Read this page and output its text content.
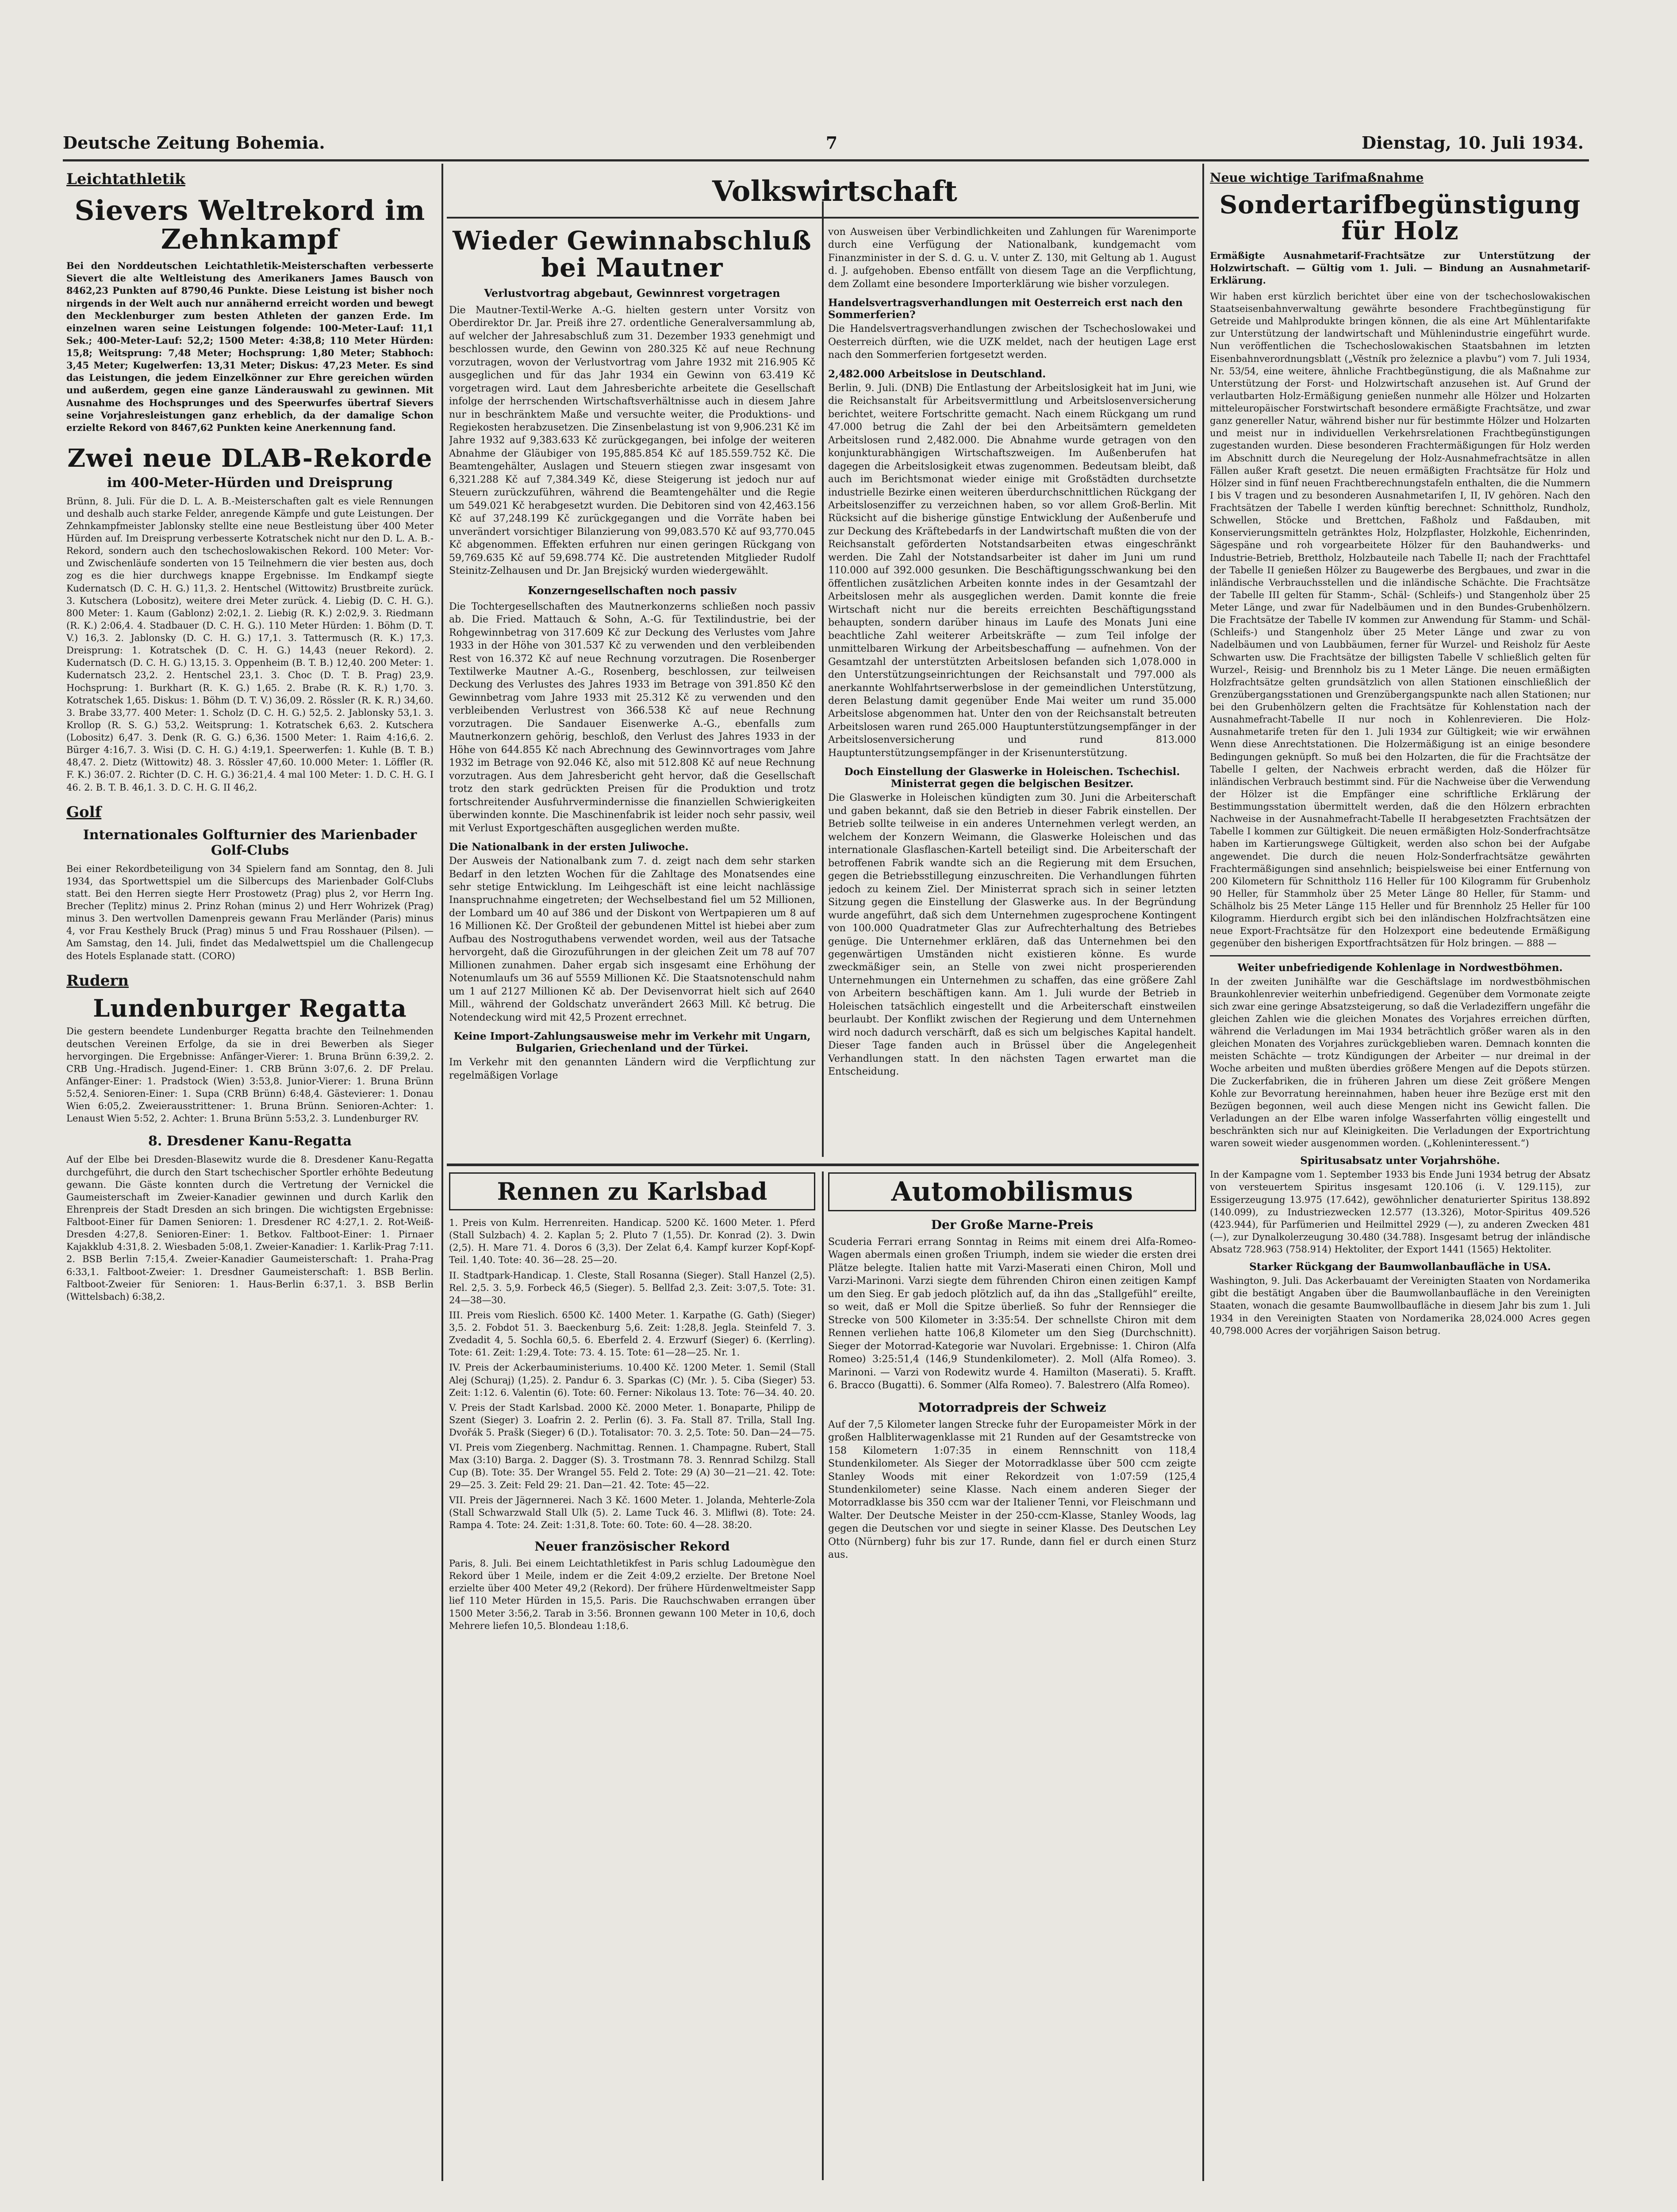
Deutsche Zeitung Bohemia.	7	Dienstag, 10. Juli 1934.
Leichtathletik
Sievers Weltrekord im Zehnkampf
Bei den Norddeutschen Leichtathletik-Meisterschaften verbesserte Sievert die alte Weltleistung des Amerikaners James Bausch von 8462,23 Punkten auf 8790,46 Punkte. Diese Leistung ist bisher noch nirgends in der Welt auch nur annähernd erreicht worden und bewegt den Mecklenburger zum besten Athleten der ganzen Erde. Im einzelnen waren seine Leistungen folgende: 100-Meter-Lauf: 11,1 Sek.; 400-Meter-Lauf: 52,2; 1500 Meter: 4:38,8; 110 Meter Hürden: 15,8; Weitsprung: 7,48 Meter; Hochsprung: 1,80 Meter; Stabhoch: 3,45 Meter; Kugelwerfen: 13,31 Meter; Diskus: 47,23 Meter. Es sind das Leistungen, die jedem Einzelkönner zur Ehre gereichen würden und außerdem, gegen eine ganze Länderauswahl zu gewinnen. Mit Ausnahme des Hochsprunges und des Speerwurfes übertraf Sievers seine Vorjahresleistungen ganz erheblich, da der damalige Schon erzielte Rekord von 8467,62 Punkten keine Anerkennung fand.
Zwei neue DLAB-Rekorde
im 400-Meter-Hürden und Dreisprung
Brünn, 8. Juli. Für die D. L. A. B.-Meisterschaften galt es viele Rennungen und deshalb auch starke Felder, anregende Kämpfe und gute Leistungen. Der Zehnkampfmeister Jablonsky stellte eine neue Bestleistung über 400 Meter Hürden auf. Im Dreisprung verbesserte Kotratschek nicht nur den D. L. A. B.-Rekord, sondern auch den tschechoslowakischen Rekord. 100 Meter: Vor- und Zwischenläufe sonderten von 15 Teilnehmern die vier besten aus, doch zog es die hier durchwegs knappe Ergebnisse. Im Endkampf siegte Kudernatsch (D. C. H. G.) 11,3. 2. Hentschel (Wittowitz) Brustbreite zurück. 3. Kutschera (Lobositz), weitere drei Meter zurück. 4. Liebig (D. C. H. G.). 800 Meter: 1. Kaum (Gablonz) 2:02,1. 2. Liebig (R. K.) 2:02,9. 3. Riedmann (R. K.) 2:06,4. 4. Stadbauer (D. C. H. G.). 110 Meter Hürden: 1. Böhm (D. T. V.) 16,3. 2. Jablonsky (D. C. H. G.) 17,1. 3. Tattermusch (R. K.) 17,3. Dreisprung: 1. Kotratschek (D. C. H. G.) 14,43 (neuer Rekord). 2. Kudernatsch (D. C. H. G.) 13,15. 3. Oppenheim (B. T. B.) 12,40. 200 Meter: 1. Kudernatsch 23,2. 2. Hentschel 23,1. 3. Choc (D. T. B. Prag) 23,9. Hochsprung: 1. Burkhart (R. K. G.) 1,65. 2. Brabe (R. K. R.) 1,70. 3. Kotratschek 1,65. Diskus: 1. Böhm (D. T. V.) 36,09. 2. Rössler (R. K. R.) 34,60. 3. Brabe 33,77. 400 Meter: 1. Scholz (D. C. H. G.) 52,5. 2. Jablonsky 53,1. 3. Krollop (R. S. G.) 53,2. Weitsprung: 1. Kotratschek 6,63. 2. Kutschera (Lobositz) 6,47. 3. Denk (R. G. G.) 6,36. 1500 Meter: 1. Raim 4:16,6. 2. Bürger 4:16,7. 3. Wisi (D. C. H. G.) 4:19,1. Speerwerfen: 1. Kuhle (B. T. B.) 48,47. 2. Dietz (Wittowitz) 48. 3. Rössler 47,60. 10.000 Meter: 1. Löffler (R. F. K.) 36:07. 2. Richter (D. C. H. G.) 36:21,4. 4 mal 100 Meter: 1. D. C. H. G. I 46. 2. B. T. B. 46,1. 3. D. C. H. G. II 46,2.
Golf
Internationales Golfturnier des Marienbader Golf-Clubs
Bei einer Rekordbeteiligung von 34 Spielern fand am Sonntag, den 8. Juli 1934, das Sportwettspiel um die Silbercups des Marienbader Golf-Clubs statt. Bei den Herren siegte Herr Prostowetz (Prag) plus 2, vor Herrn Ing. Brecher (Teplitz) minus 2. Prinz Rohan (minus 2) und Herr Wohrizek (Prag) minus 3. Den wertvollen Damenpreis gewann Frau Merländer (Paris) minus 4, vor Frau Kesthely Bruck (Prag) minus 5 und Frau Rosshauer (Pilsen). — Am Samstag, den 14. Juli, findet das Medalwettspiel um die Challengecup des Hotels Esplanade statt. (CORO)
Rudern
Lundenburger Regatta
Die gestern beendete Lundenburger Regatta brachte den Teilnehmenden deutschen Vereinen Erfolge, da sie in drei Bewerben als Sieger hervorgingen. Die Ergebnisse: Anfänger-Vierer: 1. Bruna Brünn 6:39,2. 2. CRB Ung.-Hradisch. Jugend-Einer: 1. CRB Brünn 3:07,6. 2. DF Prelau. Anfänger-Einer: 1. Pradstock (Wien) 3:53,8. Junior-Vierer: 1. Bruna Brünn 5:52,4. Senioren-Einer: 1. Supa (CRB Brünn) 6:48,4. Gästevierer: 1. Donau Wien 6:05,2. Zweierausstrittener: 1. Bruna Brünn. Senioren-Achter: 1. Lenaust Wien 5:52, 2. Achter: 1. Bruna Brünn 5:53,2. 3. Lundenburger RV.
8. Dresdener Kanu-Regatta
Auf der Elbe bei Dresden-Blasewitz wurde die 8. Dresdener Kanu-Regatta durchgeführt, die durch den Start tschechischer Sportler erhöhte Bedeutung gewann. Die Gäste konnten durch die Vertretung der Vernickel die Gaumeisterschaft im Zweier-Kanadier gewinnen und durch Karlik den Ehrenpreis der Stadt Dresden an sich bringen. Die wichtigsten Ergebnisse: Faltboot-Einer für Damen Senioren: 1. Dresdener RC 4:27,1. 2. Rot-Weiß-Dresden 4:27,8. Senioren-Einer: 1. Betkov. Faltboot-Einer: 1. Pirnaer Kajakklub 4:31,8. 2. Wiesbaden 5:08,1. Zweier-Kanadier: 1. Karlik-Prag 7:11. 2. BSB Berlin 7:15,4. Zweier-Kanadier Gaumeisterschaft: 1. Praha-Prag 6:33,1. Faltboot-Zweier: 1. Dresdner Gaumeisterschaft: 1. BSB Berlin. Faltboot-Zweier für Senioren: 1. Haus-Berlin 6:37,1. 3. BSB Berlin (Wittelsbach) 6:38,2.
Volkswirtschaft
Wieder Gewinnabschluß bei Mautner
Verlustvortrag abgebaut, Gewinnrest vorgetragen
Die Mautner-Textil-Werke A.-G. hielten gestern unter Vorsitz von Oberdirektor Dr. Jar. Preiß ihre 27. ordentliche Generalversammlung ab, auf welcher der Jahresabschluß zum 31. Dezember 1933 genehmigt und beschlossen wurde, den Gewinn von 280.325 Kč auf neue Rechnung vorzutragen, wovon der Verlustvortrag vom Jahre 1932 mit 216.905 Kč ausgeglichen und für das Jahr 1934 ein Gewinn von 63.419 Kč vorgetragen wird. Laut dem Jahresberichte arbeitete die Gesellschaft infolge der herrschenden Wirtschaftsverhältnisse auch in diesem Jahre nur in beschränktem Maße und versuchte weiter, die Produktions- und Regiekosten herabzusetzen. Die Zinsenbelastung ist von 9,906.231 Kč im Jahre 1932 auf 9,383.633 Kč zurückgegangen, bei infolge der weiteren Abnahme der Gläubiger von 195,885.854 Kč auf 185.559.752 Kč. Die Beamtengehälter, Auslagen und Steuern stiegen zwar insgesamt von 6,321.288 Kč auf 7,384.349 Kč, diese Steigerung ist jedoch nur auf Steuern zurückzuführen, während die Beamtengehälter und die Regie um 549.021 Kč herabgesetzt wurden. Die Debitoren sind von 42,463.156 Kč auf 37,248.199 Kč zurückgegangen und die Vorräte haben bei unverändert vorsichtiger Bilanzierung von 99,083.570 Kč auf 93,770.045 Kč abgenommen. Effekten erfuhren nur einen geringen Rückgang von 59,769.635 Kč auf 59,698.774 Kč. Die austretenden Mitglieder Rudolf Steinitz-Zelhausen und Dr. Jan Brejsický wurden wiedergewählt.
Konzerngesellschaften noch passiv
Die Tochtergesellschaften des Mautnerkonzerns schließen noch passiv ab. Die Fried. Mattauch & Sohn, A.-G. für Textilindustrie, bei der Rohgewinnbetrag von 317.609 Kč zur Deckung des Verlustes vom Jahre 1933 in der Höhe von 301.537 Kč zu verwenden und den verbleibenden Rest von 16.372 Kč auf neue Rechnung vorzutragen. Die Rosenberger Textilwerke Mautner A.-G., Rosenberg, beschlossen, zur teilweisen Deckung des Verlustes des Jahres 1933 im Betrage von 391.850 Kč den Gewinnbetrag vom Jahre 1933 mit 25.312 Kč zu verwenden und den verbleibenden Verlustrest von 366.538 Kč auf neue Rechnung vorzutragen. Die Sandauer Eisenwerke A.-G., ebenfalls zum Mautnerkonzern gehörig, beschloß, den Verlust des Jahres 1933 in der Höhe von 644.855 Kč nach Abrechnung des Gewinnvortrages vom Jahre 1932 im Betrage von 92.046 Kč, also mit 512.808 Kč auf neue Rechnung vorzutragen. Aus dem Jahresbericht geht hervor, daß die Gesellschaft trotz den stark gedrückten Preisen für die Produktion und trotz fortschreitender Ausfuhrvermindernisse die finanziellen Schwierigkeiten überwinden konnte. Die Maschinenfabrik ist leider noch sehr passiv, weil mit Verlust Exportgeschäften ausgeglichen werden mußte.
Die Nationalbank in der ersten Juliwoche.
Der Ausweis der Nationalbank zum 7. d. zeigt nach dem sehr starken Bedarf in den letzten Wochen für die Zahltage des Monatsendes eine sehr stetige Entwicklung. Im Leihgeschäft ist eine leicht nachlässige Inanspruchnahme eingetreten; der Wechselbestand fiel um 52 Millionen, der Lombard um 40 auf 386 und der Diskont von Wertpapieren um 8 auf 16 Millionen Kč. Der Großteil der gebundenen Mittel ist hiebei aber zum Aufbau des Nostroguthabens verwendet worden, weil aus der Tatsache hervorgeht, daß die Girozuführungen in der gleichen Zeit um 78 auf 707 Millionen zunahmen. Daher ergab sich insgesamt eine Erhöhung der Notenumlaufs um 36 auf 5559 Millionen Kč. Die Staatsnotenschuld nahm um 1 auf 2127 Millionen Kč ab. Der Devisenvorrat hielt sich auf 2640 Mill., während der Goldschatz unverändert 2663 Mill. Kč betrug. Die Notendeckung wird mit 42,5 Prozent errechnet.
Keine Import-Zahlungsausweise mehr im Verkehr mit Ungarn, Bulgarien, Griechenland und der Türkei.
Im Verkehr mit den genannten Ländern wird die Verpflichtung zur regelmäßigen Vorlage
von Ausweisen über Verbindlichkeiten und Zahlungen für Warenimporte durch eine Verfügung der Nationalbank, kundgemacht vom Finanzminister in der S. d. G. u. V. unter Z. 130, mit Geltung ab 1. August d. J. aufgehoben. Ebenso entfällt von diesem Tage an die Verpflichtung, dem Zollamt eine besondere Importerklärung wie bisher vorzulegen.
Handelsvertragsverhandlungen mit Oesterreich erst nach den Sommerferien?
Die Handelsvertragsverhandlungen zwischen der Tschechoslowakei und Oesterreich dürften, wie die UZK meldet, nach der heutigen Lage erst nach den Sommerferien fortgesetzt werden.
2,482.000 Arbeitslose in Deutschland.
Berlin, 9. Juli. (DNB) Die Entlastung der Arbeitslosigkeit hat im Juni, wie die Reichsanstalt für Arbeitsvermittlung und Arbeitslosenversicherung berichtet, weitere Fortschritte gemacht. Nach einem Rückgang um rund 47.000 betrug die Zahl der bei den Arbeitsämtern gemeldeten Arbeitslosen rund 2,482.000. Die Abnahme wurde getragen von den konjunkturabhängigen Wirtschaftszweigen. Im Außenberufen hat dagegen die Arbeitslosigkeit etwas zugenommen. Bedeutsam bleibt, daß auch im Berichtsmonat wieder einige mit Großstädten durchsetzte industrielle Bezirke einen weiteren überdurchschnittlichen Rückgang der Arbeitslosenziffer zu verzeichnen haben, so vor allem Groß-Berlin. Mit Rücksicht auf die bisherige günstige Entwicklung der Außenberufe und zur Deckung des Kräftebedarfs in der Landwirtschaft mußten die von der Reichsanstalt geförderten Notstandsarbeiten etwas eingeschränkt werden. Die Zahl der Notstandsarbeiter ist daher im Juni um rund 110.000 auf 392.000 gesunken. Die Beschäftigungsschwankung bei den öffentlichen zusätzlichen Arbeiten konnte indes in der Gesamtzahl der Arbeitslosen mehr als ausgeglichen werden. Damit konnte die freie Wirtschaft nicht nur die bereits erreichten Beschäftigungsstand behaupten, sondern darüber hinaus im Laufe des Monats Juni eine beachtliche Zahl weiterer Arbeitskräfte — zum Teil infolge der unmittelbaren Wirkung der Arbeitsbeschaffung — aufnehmen. Von der Gesamtzahl der unterstützten Arbeitslosen befanden sich 1,078.000 in den Unterstützungseinrichtungen der Reichsanstalt und 797.000 als anerkannte Wohlfahrtserwerbslose in der gemeindlichen Unterstützung, deren Belastung damit gegenüber Ende Mai weiter um rund 35.000 Arbeitslose abgenommen hat. Unter den von der Reichsanstalt betreuten Arbeitslosen waren rund 265.000 Hauptunterstützungsempfänger in der Arbeitslosenversicherung und rund 813.000 Hauptunterstützungsempfänger in der Krisenunterstützung.
Doch Einstellung der Glaswerke in Holeischen. Tschechisl. Ministerrat gegen die belgischen Besitzer.
Die Glaswerke in Holeischen kündigten zum 30. Juni die Arbeiterschaft und gaben bekannt, daß sie den Betrieb in dieser Fabrik einstellen. Der Betrieb sollte teilweise in ein anderes Unternehmen verlegt werden, an welchem der Konzern Weimann, die Glaswerke Holeischen und das internationale Glasflaschen-Kartell beteiligt sind. Die Arbeiterschaft der betroffenen Fabrik wandte sich an die Regierung mit dem Ersuchen, gegen die Betriebsstillegung einzuschreiten. Die Verhandlungen führten jedoch zu keinem Ziel. Der Ministerrat sprach sich in seiner letzten Sitzung gegen die Einstellung der Glaswerke aus. In der Begründung wurde angeführt, daß sich dem Unternehmen zugesprochene Kontingent von 100.000 Quadratmeter Glas zur Aufrechterhaltung des Betriebes genüge. Die Unternehmer erklären, daß das Unternehmen bei den gegenwärtigen Umständen nicht existieren könne. Es wurde zweckmäßiger sein, an Stelle von zwei nicht prosperierenden Unternehmungen ein Unternehmen zu schaffen, das eine größere Zahl von Arbeitern beschäftigen kann. Am 1. Juli wurde der Betrieb in Holeischen tatsächlich eingestellt und die Arbeiterschaft einstweilen beurlaubt. Der Konflikt zwischen der Regierung und dem Unternehmen wird noch dadurch verschärft, daß es sich um belgisches Kapital handelt. Dieser Tage fanden auch in Brüssel über die Angelegenheit Verhandlungen statt. In den nächsten Tagen erwartet man die Entscheidung.
Rennen zu Karlsbad
1. Preis von Kulm. Herrenreiten. Handicap. 5200 Kč. 1600 Meter. 1. Pferd (Stall Sulzbach) 4. 2. Kaplan 5; 2. Pluto 7 (1,55). Dr. Konrad (2). 3. Dwin (2,5). H. Mare 71. 4. Doros 6 (3,3). Der Zelat 6,4. Kampf kurzer Kopf-Kopf-Teil. 1,40. Tote: 40. 36—28. 25—20.
II. Stadtpark-Handicap. 1. Cleste, Stall Rosanna (Sieger). Stall Hanzel (2,5). Rel. 2,5. 3. 5,9. Forbeck 46,5 (Sieger). 5. Bellfad 2,3. Zeit: 3:07,5. Tote: 31. 24—38—30.
III. Preis vom Rieslich. 6500 Kč. 1400 Meter. 1. Karpathe (G. Gath) (Sieger) 3,5. 2. Fobdot 51. 3. Baeckenburg 5,6. Zeit: 1:28,8. Jegla. Steinfeld 7. 3. Zvedadit 4, 5. Sochla 60,5. 6. Eberfeld 2. 4. Erzwurf (Sieger) 6. (Kerrling). Tote: 61. Zeit: 1:29,4. Tote: 73. 4. 15. Tote: 61—28—25. Nr. 1.
IV. Preis der Ackerbauministeriums. 10.400 Kč. 1200 Meter. 1. Semil (Stall Alej (Schuraj) (1,25). 2. Pandur 6. 3. Sparkas (C) (Mr. ). 5. Ciba (Sieger) 53. Zeit: 1:12. 6. Valentin (6). Tote: 60. Ferner: Nikolaus 13. Tote: 76—34. 40. 20.
V. Preis der Stadt Karlsbad. 2000 Kč. 2000 Meter. 1. Bonaparte, Philipp de Szent (Sieger) 3. Loafrin 2. 2. Perlin (6). 3. Fa. Stall 87. Trilla, Stall Ing. Dvořák 5. Prašk (Sieger) 6 (D.). Totalisator: 70. 3. 2,5. Tote: 50. Dan—24—75.
VI. Preis vom Ziegenberg. Nachmittag. Rennen. 1. Champagne. Rubert, Stall Max (3:10) Barga. 2. Dagger (S). 3. Trostmann 78. 3. Rennrad Schilzg. Stall Cup (B). Tote: 35. Der Wrangel 55. Feld 2. Tote: 29 (A) 30—21—21. 42. Tote: 29—25. 3. Zeit: Feld 29: 21. Dan—21. 42. Tote: 45—22.
VII. Preis der Jägernnerei. Nach 3 Kč. 1600 Meter. 1. Jolanda, Mehterle-Zola (Stall Schwarzwald Stall Ulk (5). 2. Lame Tuck 46. 3. Mliflwi (8). Tote: 24. Rampa 4. Tote: 24. Zeit: 1:31,8. Tote: 60. Tote: 60. 4—28. 38:20.
Neuer französischer Rekord
Paris, 8. Juli. Bei einem Leichtathletikfest in Paris schlug Ladoumègue den Rekord über 1 Meile, indem er die Zeit 4:09,2 erzielte. Der Bretone Noel erzielte über 400 Meter 49,2 (Rekord). Der frühere Hürdenweltmeister Sapp lief 110 Meter Hürden in 15,5. Paris. Die Rauchschwaben errangen über 1500 Meter 3:56,2. Tarab in 3:56. Bronnen gewann 100 Meter in 10,6, doch Mehrere liefen 10,5. Blondeau 1:18,6.
Automobilismus
Der Große Marne-Preis
Scuderia Ferrari errang Sonntag in Reims mit einem drei Alfa-Romeo-Wagen abermals einen großen Triumph, indem sie wieder die ersten drei Plätze belegte. Italien hatte mit Varzi-Maserati einen Chiron, Moll und Varzi-Marinoni. Varzi siegte dem führenden Chiron einen zeitigen Kampf um den Sieg. Er gab jedoch plötzlich auf, da ihn das „Stallgefühl“ ereilte, so weit, daß er Moll die Spitze überließ. So fuhr der Rennsieger die Strecke von 500 Kilometer in 3:35:54. Der schnellste Chiron mit dem Rennen verliehen hatte 106,8 Kilometer um den Sieg (Durchschnitt). Sieger der Motorrad-Kategorie war Nuvolari. Ergebnisse: 1. Chiron (Alfa Romeo) 3:25:51,4 (146,9 Stundenkilometer). 2. Moll (Alfa Romeo). 3. Marinoni. — Varzi von Rodewitz wurde 4. Hamilton (Maserati). 5. Krafft. 6. Bracco (Bugatti). 6. Sommer (Alfa Romeo). 7. Balestrero (Alfa Romeo).
Motorradpreis der Schweiz
Auf der 7,5 Kilometer langen Strecke fuhr der Europameister Mörk in der großen Halbliterwagenklasse mit 21 Runden auf der Gesamtstrecke von 158 Kilometern 1:07:35 in einem Rennschnitt von 118,4 Stundenkilometer. Als Sieger der Motorradklasse über 500 ccm zeigte Stanley Woods mit einer Rekordzeit von 1:07:59 (125,4 Stundenkilometer) seine Klasse. Nach einem anderen Sieger der Motorradklasse bis 350 ccm war der Italiener Tenni, vor Fleischmann und Walter. Der Deutsche Meister in der 250-ccm-Klasse, Stanley Woods, lag gegen die Deutschen vor und siegte in seiner Klasse. Des Deutschen Ley Otto (Nürnberg) fuhr bis zur 17. Runde, dann fiel er durch einen Sturz aus.
Neue wichtige Tarifmaßnahme
Sondertarifbegünstigung für Holz
Ermäßigte Ausnahmetarif-Frachtsätze zur Unterstützung der Holzwirtschaft. — Gültig vom 1. Juli. — Bindung an Ausnahmetarif-Erklärung.
Wir haben erst kürzlich berichtet über eine von der tschechoslowakischen Staatseisenbahnverwaltung gewährte besondere Frachtbegünstigung für Getreide und Mahlprodukte bringen können, die als eine Art Mühlentarifakte zur Unterstützung der landwirtschaft und Mühlenindustrie eingeführt wurde. Nun veröffentlichen die Tschechoslowakischen Staatsbahnen im letzten Eisenbahnverordnungsblatt („Věstník pro železnice a plavbu“) vom 7. Juli 1934, Nr. 53/54, eine weitere, ähnliche Frachtbegünstigung, die als Maßnahme zur Unterstützung der Forst- und Holzwirtschaft anzusehen ist. Auf Grund der verlautbarten Holz-Ermäßigung genießen nunmehr alle Hölzer und Holzarten mitteleuropäischer Forstwirtschaft besondere ermäßigte Frachtsätze, und zwar ganz genereller Natur, während bisher nur für bestimmte Hölzer und Holzarten und meist nur in individuellen Verkehrsrelationen Frachtbegünstigungen zugestanden wurden. Diese besonderen Frachtermäßigungen für Holz werden im Abschnitt durch die Neuregelung der Holz-Ausnahmefrachtsätze in allen Fällen außer Kraft gesetzt. Die neuen ermäßigten Frachtsätze für Holz und Hölzer sind in fünf neuen Frachtberechnungstafeln enthalten, die die Nummern I bis V tragen und zu besonderen Ausnahmetarifen I, II, IV gehören. Nach den Frachtsätzen der Tabelle I werden künftig berechnet: Schnittholz, Rundholz, Schwellen, Stöcke und Brettchen, Faßholz und Faßdauben, mit Konservierungsmitteln getränktes Holz, Holzpflaster, Holzkohle, Eichenrinden, Sägespäne und roh vorgearbeitete Hölzer für den Bauhandwerks- und Industrie-Betrieb, Brettholz, Holzbauteile nach Tabelle II; nach der Frachttafel der Tabelle II genießen Hölzer zu Baugewerbe des Bergbaues, und zwar in die inländische Verbrauchsstellen und die inländische Schächte. Die Frachtsätze der Tabelle III gelten für Stamm-, Schäl- (Schleifs-) und Stangenholz über 25 Meter Länge, und zwar für Nadelbäumen und in den Bundes-Grubenhölzern. Die Frachtsätze der Tabelle IV kommen zur Anwendung für Stamm- und Schäl- (Schleifs-) und Stangenholz über 25 Meter Länge und zwar zu von Nadelbäumen und von Laubbäumen, ferner für Wurzel- und Reisholz für Aeste Schwarten usw. Die Frachtsätze der billigsten Tabelle V schließlich gelten für Wurzel-, Reisig- und Brennholz bis zu 1 Meter Länge. Die neuen ermäßigten Holzfrachtsätze gelten grundsätzlich von allen Stationen einschließlich der Grenzübergangsstationen und Grenzübergangspunkte nach allen Stationen; nur bei den Grubenhölzern gelten die Frachtsätze für Kohlenstation nach der Ausnahmefracht-Tabelle II nur noch in Kohlenrevieren. Die Holz-Ausnahmetarife treten für den 1. Juli 1934 zur Gültigkeit; wie wir erwähnen Wenn diese Anrechtstationen. Die Holzermäßigung ist an einige besondere Bedingungen geknüpft. So muß bei den Holzarten, die für die Frachtsätze der Tabelle I gelten, der Nachweis erbracht werden, daß die Hölzer für inländischen Verbrauch bestimmt sind. Für die Nachweise über die Verwendung der Hölzer ist die Empfänger eine schriftliche Erklärung der Bestimmungsstation übermittelt werden, daß die den Hölzern erbrachten Nachweise in der Ausnahmefracht-Tabelle II herabgesetzten Frachtsätzen der Tabelle I kommen zur Gültigkeit. Die neuen ermäßigten Holz-Sonderfrachtsätze haben im Kartierungswege Gültigkeit, werden also schon bei der Aufgabe angewendet. Die durch die neuen Holz-Sonderfrachtsätze gewährten Frachtermäßigungen sind ansehnlich; beispielsweise bei einer Entfernung von 200 Kilometern für Schnittholz 116 Heller für 100 Kilogramm für Grubenholz 90 Heller, für Stammholz über 25 Meter Länge 80 Heller, für Stamm- und Schälholz bis 25 Meter Länge 115 Heller und für Brennholz 25 Heller für 100 Kilogramm. Hierdurch ergibt sich bei den inländischen Holzfrachtsätzen eine neue Export-Frachtsätze für den Holzexport eine bedeutende Ermäßigung gegenüber den bisherigen Exportfrachtsätzen für Holz bringen. — 888 —
Weiter unbefriedigende Kohlenlage in Nordwestböhmen.
In der zweiten Junihälfte war die Geschäftslage im nordwestböhmischen Braunkohlenrevier weiterhin unbefriedigend. Gegenüber dem Vormonate zeigte sich zwar eine geringe Absatzsteigerung, so daß die Verladeziffern ungefähr die gleichen Zahlen wie die gleichen Monates des Vorjahres erreichen dürften, während die Verladungen im Mai 1934 beträchtlich größer waren als in den gleichen Monaten des Vorjahres zurückgeblieben waren. Demnach konnten die meisten Schächte — trotz Kündigungen der Arbeiter — nur dreimal in der Woche arbeiten und mußten überdies größere Mengen auf die Depots stürzen. Die Zuckerfabriken, die in früheren Jahren um diese Zeit größere Mengen Kohle zur Bevorratung hereinnahmen, haben heuer ihre Bezüge erst mit den Bezügen begonnen, weil auch diese Mengen nicht ins Gewicht fallen. Die Verladungen an der Elbe waren infolge Wasserfahrten völlig eingestellt und beschränkten sich nur auf Kleinigkeiten. Die Verladungen der Exportrichtung waren soweit wieder ausgenommen worden. („Kohleninteressent.“)
Spiritusabsatz unter Vorjahrshöhe.
In der Kampagne vom 1. September 1933 bis Ende Juni 1934 betrug der Absatz von versteuertem Spiritus insgesamt 120.106 (i. V. 129.115), zur Essigerzeugung 13.975 (17.642), gewöhnlicher denaturierter Spiritus 138.892 (140.099), zu Industriezwecken 12.577 (13.326), Motor-Spiritus 409.526 (423.944), für Parfümerien und Heilmittel 2929 (—), zu anderen Zwecken 481 (—), zur Dynalkolerzeugung 30.480 (34.788). Insgesamt betrug der inländische Absatz 728.963 (758.914) Hektoliter, der Export 1441 (1565) Hektoliter.
Starker Rückgang der Baumwollanbaufläche in USA.
Washington, 9. Juli. Das Ackerbauamt der Vereinigten Staaten von Nordamerika gibt die bestätigt Angaben über die Baumwollanbaufläche in den Vereinigten Staaten, wonach die gesamte Baumwollbaufläche in diesem Jahr bis zum 1. Juli 1934 in den Vereinigten Staaten von Nordamerika 28,024.000 Acres gegen 40,798.000 Acres der vorjährigen Saison betrug.
